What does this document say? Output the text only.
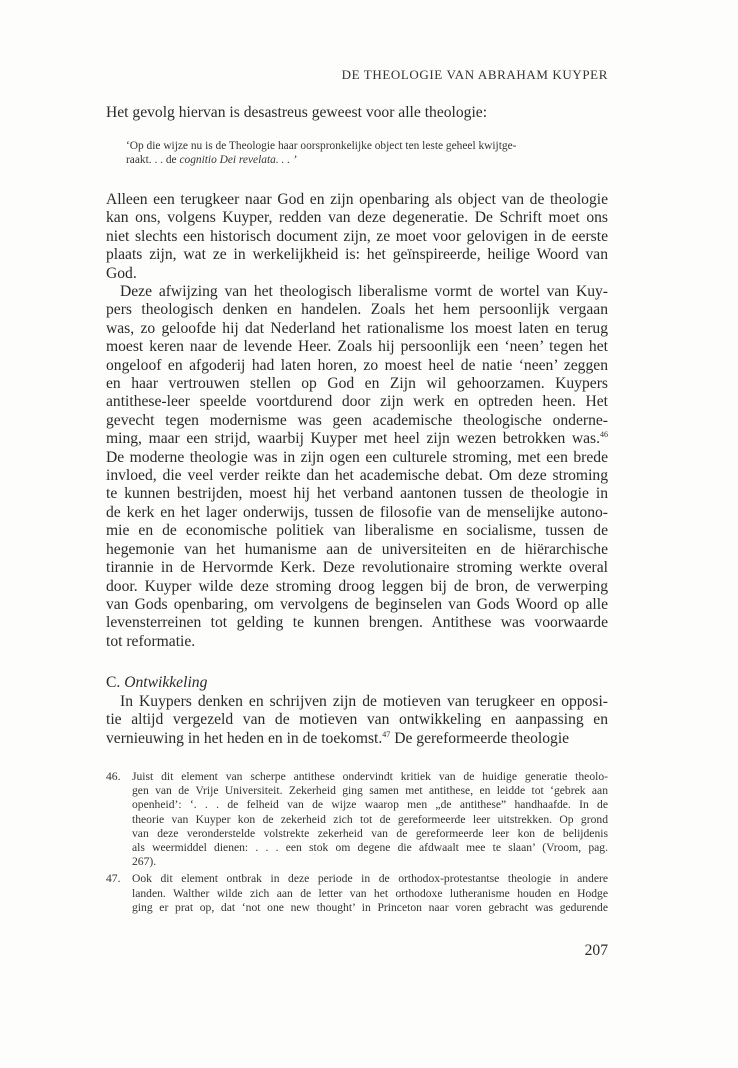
DE THEOLOGIE VAN ABRAHAM KUYPER

Het gevolg hiervan is desastreus geweest voor alle theologie:

‘Op die wijze nu is de Theologie haar oorspronkelijke object ten leste geheel kwijtge-
raakt. . . de cognitio Dei revelata. . . ’

Alleen een terugkeer naar God en zijn openbaring als object van de theologie
kan ons, volgens Kuyper, redden van deze degeneratie. De Schrift moet ons
niet slechts een historisch document zijn, ze moet voor gelovigen in de eerste
plaats zijn, wat ze in werkelijkheid is: het geïnspireerde, heilige Woord van
God.

Deze afwijzing van het theologisch liberalisme vormt de wortel van Kuy-
pers theologisch denken en handelen. Zoals het hem persoonlijk vergaan
was, zo geloofde hij dat Nederland het rationalisme los moest laten en terug
moest keren naar de levende Heer. Zoals hij persoonlijk een ‘neen’ tegen het
ongeloof en afgoderij had laten horen, zo moest heel de natie ‘neen’ zeggen
en haar vertrouwen stellen op God en Zijn wil gehoorzamen. Kuypers
antithese-leer speelde voortdurend door zijn werk en optreden heen. Het
gevecht tegen modernisme was geen academische theologische onderne-
ming, maar een strijd, waarbij Kuyper met heel zijn wezen betrokken was.$^{46}$
De moderne theologie was in zijn ogen een culturele stroming, met een brede
invloed, die veel verder reikte dan het academische debat. Om deze stroming
te kunnen bestrijden, moest hij het verband aantonen tussen de theologie in
de kerk en het lager onderwijs, tussen de filosofie van de menselijke autono-
mie en de economische politiek van liberalisme en socialisme, tussen de
hegemonie van het humanisme aan de universiteiten en de hiërarchische
tirannie in de Hervormde Kerk. Deze revolutionaire stroming werkte overal
door. Kuyper wilde deze stroming droog leggen bij de bron, de verwerping
van Gods openbaring, om vervolgens de beginselen van Gods Woord op alle
levensterreinen tot gelding te kunnen brengen. Antithese was voorwaarde
tot reformatie.

C. Ontwikkeling

In Kuypers denken en schrijven zijn de motieven van terugkeer en opposi-
tie altijd vergezeld van de motieven van ontwikkeling en aanpassing en
vernieuwing in het heden en in de toekomst.$^{47}$ De gereformeerde theologie

46. Juist dit element van scherpe antithese ondervindt kritiek van de huidige generatie theolo-
gen van de Vrije Universiteit. Zekerheid ging samen met antithese, en leidde tot ‘gebrek aan
openheid’: ‘. . . de felheid van de wijze waarop men „de antithese” handhaafde. In de
theorie van Kuyper kon de zekerheid zich tot de gereformeerde leer uitstrekken. Op grond
van deze veronderstelde volstrekte zekerheid van de gereformeerde leer kon de belijdenis
als weermiddel dienen: . . . een stok om degene die afdwaalt mee te slaan’ (Vroom, pag.
267).
47. Ook dit element ontbrak in deze periode in de orthodox-protestantse theologie in andere
landen. Walther wilde zich aan de letter van het orthodoxe lutheranisme houden en Hodge
ging er prat op, dat ‘not one new thought’ in Princeton naar voren gebracht was gedurende
207
